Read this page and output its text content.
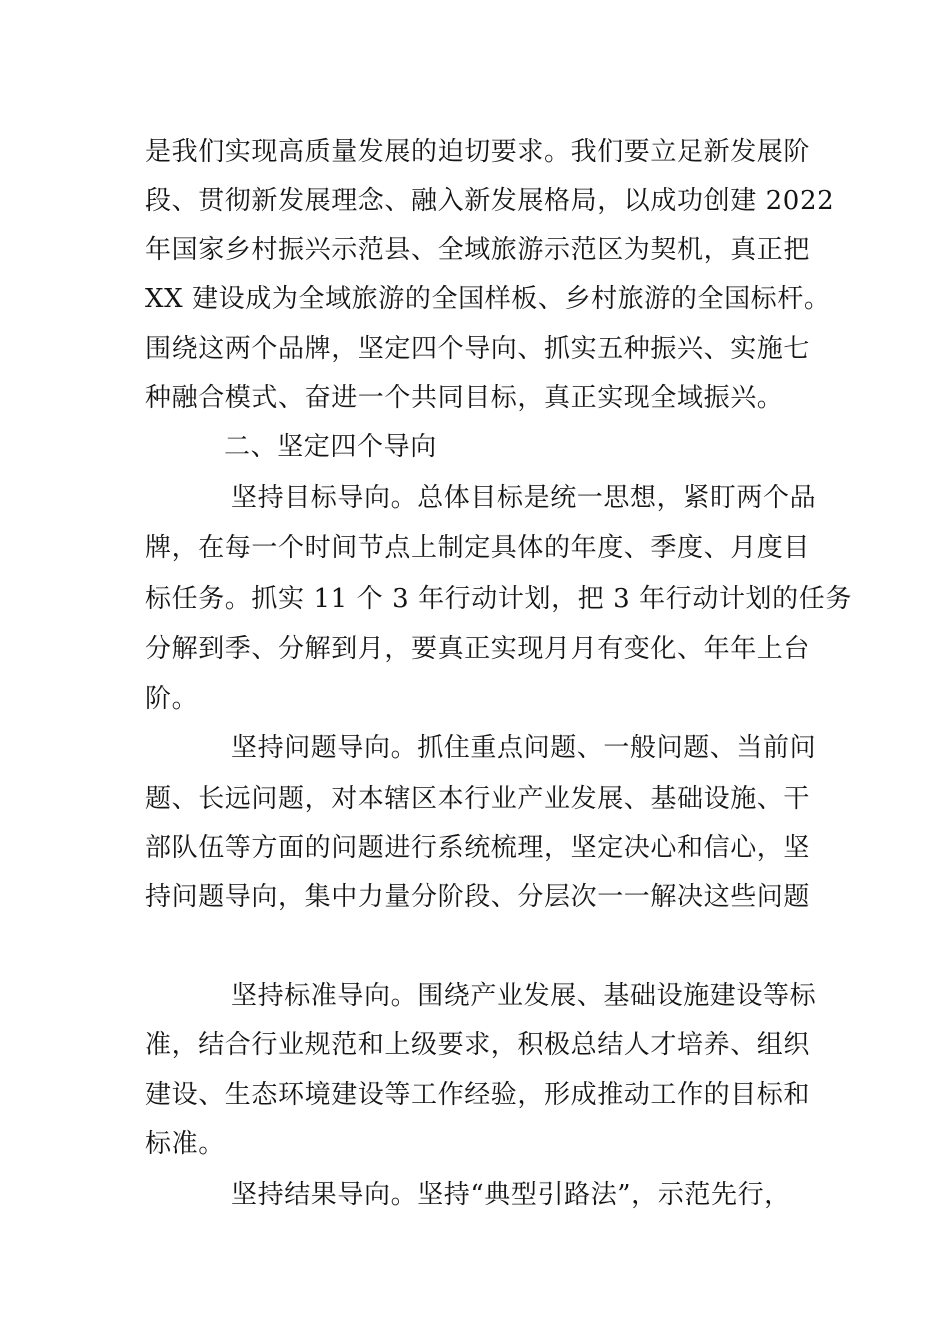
是我们实现高质量发展的迫切要求。我们要立足新发展阶
段、贯彻新发展理念、融入新发展格局，以成功创建 2022
年国家乡村振兴示范县、全域旅游示范区为契机，真正把
XX 建设成为全域旅游的全国样板、乡村旅游的全国标杆。
围绕这两个品牌，坚定四个导向、抓实五种振兴、实施七
种融合模式、奋进一个共同目标，真正实现全域振兴。
二、坚定四个导向
坚持目标导向。总体目标是统一思想，紧盯两个品
牌，在每一个时间节点上制定具体的年度、季度、月度目
标任务。抓实 11 个 3 年行动计划，把 3 年行动计划的任务
分解到季、分解到月，要真正实现月月有变化、年年上台
阶。
坚持问题导向。抓住重点问题、一般问题、当前问
题、长远问题，对本辖区本行业产业发展、基础设施、干
部队伍等方面的问题进行系统梳理，坚定决心和信心，坚
持问题导向，集中力量分阶段、分层次一一解决这些问题
坚持标准导向。围绕产业发展、基础设施建设等标
准，结合行业规范和上级要求，积极总结人才培养、组织
建设、生态环境建设等工作经验，形成推动工作的目标和
标准。
坚持结果导向。坚持“典型引路法”，示范先行，
